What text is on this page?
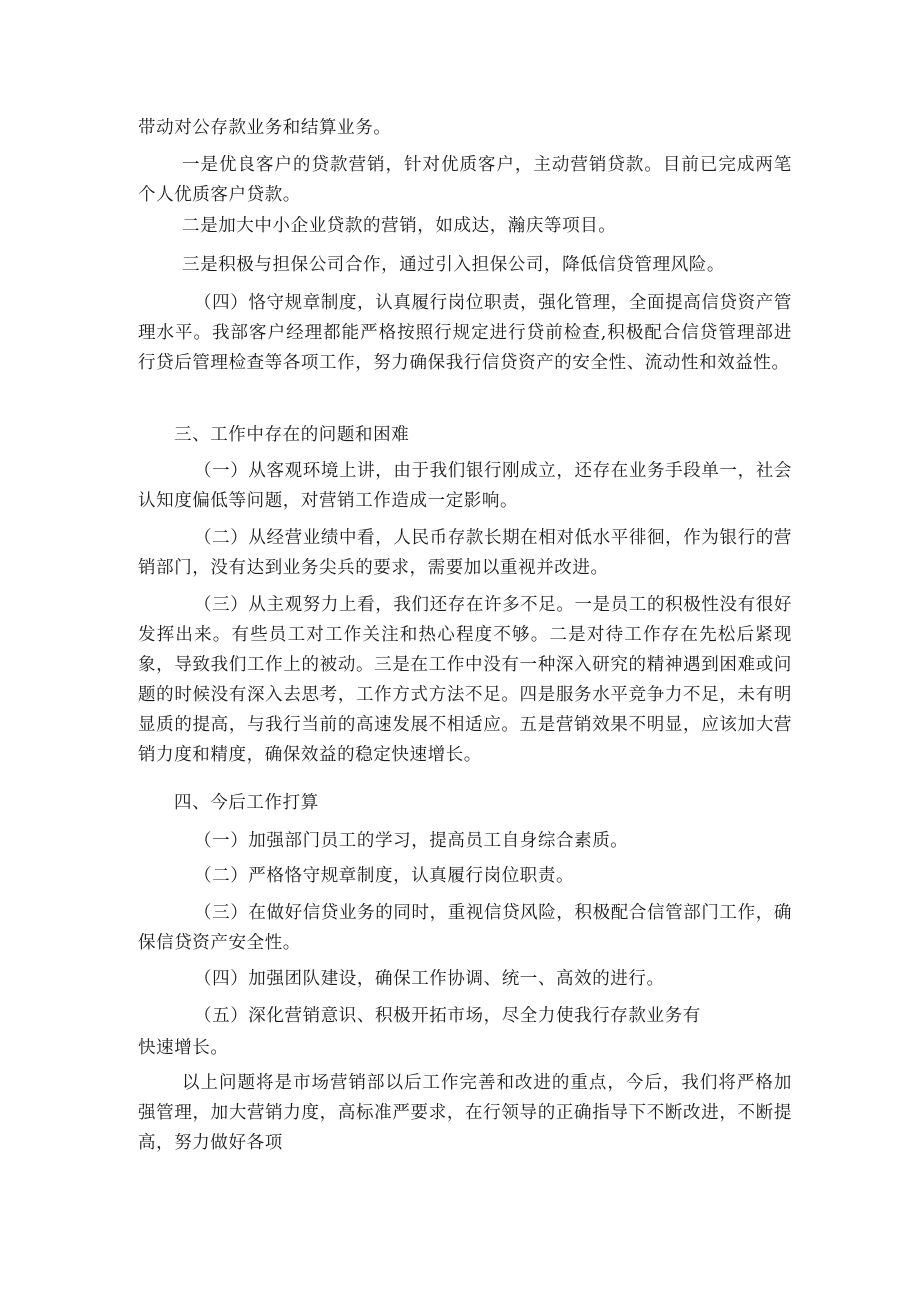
带动对公存款业务和结算业务。

一是优良客户的贷款营销，针对优质客户，主动营销贷款。目前已完成两笔个人优质客户贷款。

二是加大中小企业贷款的营销，如成达，瀚庆等项目。

三是积极与担保公司合作，通过引入担保公司，降低信贷管理风险。

（四）恪守规章制度，认真履行岗位职责，强化管理，全面提高信贷资产管理水平。我部客户经理都能严格按照行规定进行贷前检查,积极配合信贷管理部进行贷后管理检查等各项工作，努力确保我行信贷资产的安全性、流动性和效益性。

三、工作中存在的问题和困难

（一）从客观环境上讲，由于我们银行刚成立，还存在业务手段单一，社会认知度偏低等问题，对营销工作造成一定影响。

（二）从经营业绩中看，人民币存款长期在相对低水平徘徊，作为银行的营销部门，没有达到业务尖兵的要求，需要加以重视并改进。

（三）从主观努力上看，我们还存在许多不足。一是员工的积极性没有很好发挥出来。有些员工对工作关注和热心程度不够。二是对待工作存在先松后紧现象，导致我们工作上的被动。三是在工作中没有一种深入研究的精神遇到困难或问题的时候没有深入去思考，工作方式方法不足。四是服务水平竞争力不足，未有明显质的提高，与我行当前的高速发展不相适应。五是营销效果不明显，应该加大营销力度和精度，确保效益的稳定快速增长。

四、今后工作打算

（一）加强部门员工的学习，提高员工自身综合素质。

（二）严格恪守规章制度，认真履行岗位职责。

（三）在做好信贷业务的同时，重视信贷风险，积极配合信管部门工作，确保信贷资产安全性。

（四）加强团队建设，确保工作协调、统一、高效的进行。

（五）深化营销意识、积极开拓市场，尽全力使我行存款业务有

快速增长。

以上问题将是市场营销部以后工作完善和改进的重点，今后，我们将严格加强管理，加大营销力度，高标准严要求，在行领导的正确指导下不断改进，不断提高，努力做好各项
